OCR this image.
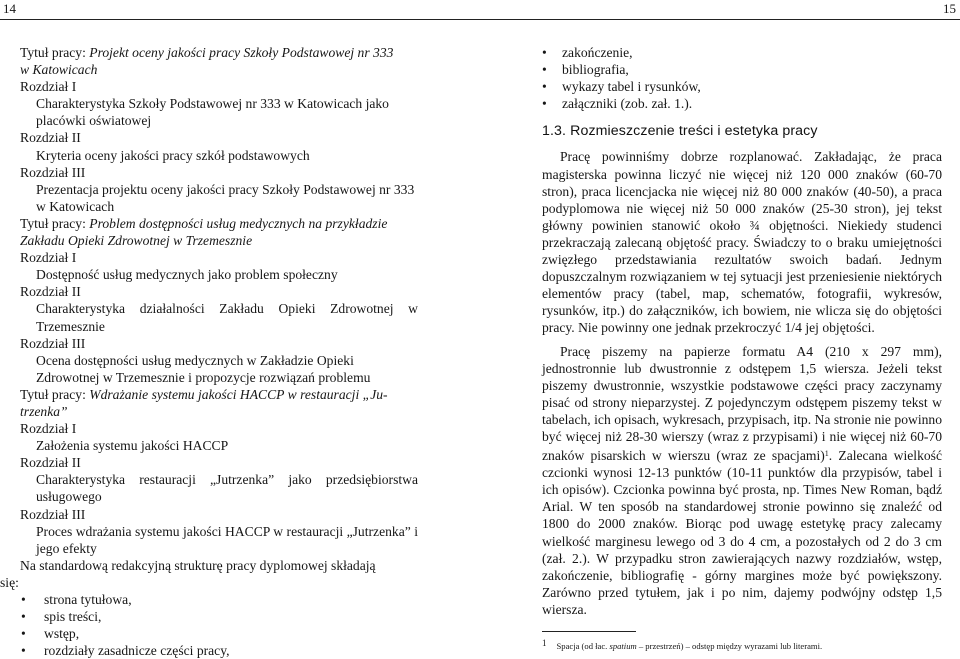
14
Tytuł pracy: Projekt oceny jakości pracy Szkoły Podstawowej nr 333
w Katowicach
Rozdział I
Charakterystyka Szkoły Podstawowej nr 333 w Katowicach jako placówki oświatowej
Rozdział II
Kryteria oceny jakości pracy szkół podstawowych
Rozdział III
Prezentacja projektu oceny jakości pracy Szkoły Podstawowej nr 333 w Katowicach
Tytuł pracy: Problem dostępności usług medycznych na przykładzie
Zakładu Opieki Zdrowotnej w Trzemesznie
Rozdział I
Dostępność usług medycznych jako problem społeczny
Rozdział II
Charakterystyka działalności Zakładu Opieki Zdrowotnej w Trzemesznie
Rozdział III
Ocena dostępności usług medycznych w Zakładzie Opieki Zdrowotnej w Trzemesznie i propozycje rozwiązań problemu
Tytuł pracy: Wdrażanie systemu jakości HACCP w restauracji „Ju-
trzenka”
Rozdział I
Założenia systemu jakości HACCP
Rozdział II
Charakterystyka restauracji „Jutrzenka” jako przedsiębiorstwa usługowego
Rozdział III
Proces wdrażania systemu jakości HACCP w restauracji „Jutrzenka” i jego efekty
Na standardową redakcyjną strukturę pracy dyplomowej składają
się:
• strona tytułowa,
• spis treści,
• wstęp,
• rozdziały zasadnicze części pracy,
15
• zakończenie,
• bibliografia,
• wykazy tabel i rysunków,
• załączniki (zob. zał. 1.).
1.3. Rozmieszczenie treści i estetyka pracy

Pracę powinniśmy dobrze rozplanować. Zakładając, że praca magisterska powinna liczyć nie więcej niż 120 000 znaków (60-70 stron), praca licencjacka nie więcej niż 80 000 znaków (40-50), a praca podyplomowa nie więcej niż 50 000 znaków (25-30 stron), jej tekst główny powinien stanowić około ¾ objętności. Niekiedy studenci przekraczają zalecaną objętość pracy. Świadczy to o braku umiejętności zwięzłego przedstawiania rezultatów swoich badań. Jednym dopuszczalnym rozwiązaniem w tej sytuacji jest przeniesienie niektórych elementów pracy (tabel, map, schematów, fotografii, wykresów, rysunków, itp.) do załączników, ich bowiem, nie wlicza się do objętości pracy. Nie powinny one jednak przekroczyć 1/4 jej objętości.

Pracę piszemy na papierze formatu A4 (210 x 297 mm), jednostronnie lub dwustronnie z odstępem 1,5 wiersza. Jeżeli tekst piszemy dwustronnie, wszystkie podstawowe części pracy zaczynamy pisać od strony nieparzystej. Z pojedynczym odstępem piszemy tekst w tabelach, ich opisach, wykresach, przypisach, itp. Na stronie nie powinno być więcej niż 28-30 wierszy (wraz z przypisami) i nie więcej niż 60-70 znaków pisarskich w wierszu (wraz ze spacjami)$^1$. Zalecana wielkość czcionki wynosi 12-13 punktów (10-11 punktów dla przypisów, tabel i ich opisów). Czcionka powinna być prosta, np. Times New Roman, bądź Arial. W ten sposób na standardowej stronie powinno się znaleźć od 1800 do 2000 znaków. Biorąc pod uwagę estetykę pracy zalecamy wielkość marginesu lewego od 3 do 4 cm, a pozostałych od 2 do 3 cm (zał. 2.). W przypadku stron zawierających nazwy rozdziałów, wstęp, zakończenie, bibliografię - górny margines może być powiększony. Zarówno przed tytułem, jak i po nim, dajemy podwójny odstęp 1,5 wiersza.

1 Spacja (od łac. spatium – przestrzeń) – odstęp między wyrazami lub literami.
